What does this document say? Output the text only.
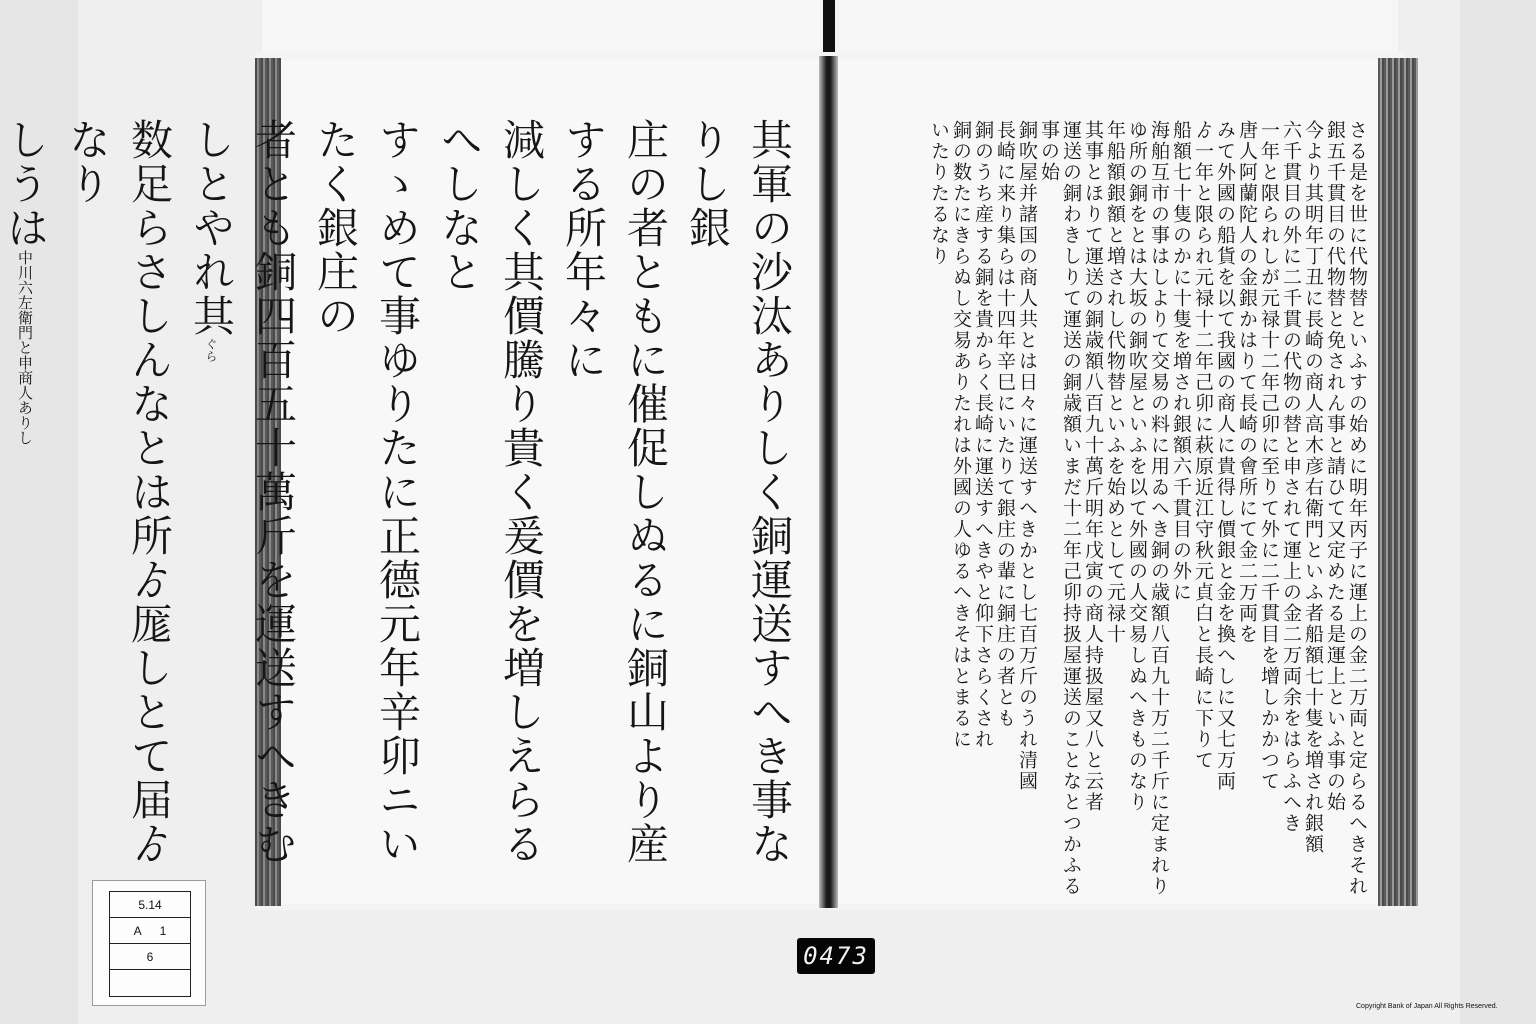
其軍の沙汰ありしく銅運送すへき事なりし銀

庄の者ともに催促しぬるに銅山より産する所年々に

減しく其價騰り貴く爰價を増しえらるへしなと

すゝめて事ゆりたに正德元年辛卯ニいたく銀庄の

者とも銅四百五十萬斤を運送すへきむしとやれ其ぐら

数足らさしんなとは所ゟ厖しとて届ゟなり

しうは中川六左衛門と申商人ありし	さる是を世に代物替といふすの始めに明年丙子に運上の金二万両と定らるへきそれ

銀五千貫目の代物替と免されん事と請ひて又定めたる是運上といふ事の始

今より其明年丁丑に長崎の商人高木彦右衛門といふ者船額七十隻を増され銀額

六千貫目の外に二千貫の代物の替と申されて運上の金二万両余をはらふへき

一年と限られしが元禄十二年己卯に至りて外に二千貫目を增しかかつて

唐人阿蘭陀人の金銀かはりて長崎の會所にて金二万両を

みて外國の船貨を以て我國の商人に貴得し價銀と金を換へしに又七万両

ゟ一年と限られ元禄十二年己卯に萩原近江守秋元貞白と長崎に下りて

船額七十隻のかに十隻を増され銀額六千貫目の外に

海舶互市の事はしよりて交易の料に用ゐへき銅の歳額八百九十万二千斤に定まれり

ゆ所の銅をとは大坂の銅吹屋といふを以て外國の人交易しぬへきものなり

年船額銀額と増されし代物替といふを始めとして元禄十

其事とほりて運送の銅歳額八百九十萬斤明年戊寅の商人持扱屋又八と云者

運送の銅わきしりて運送の銅歳額いまだ十二年己卯持扱屋運送のことなとつかふる事の始

銅吹屋并諸国の商人共とは日々に運送すへきかとし七百万斤のうれ清國

長崎に来り集らは十四年辛巳にいたりて銀庄の輩に銅庄の者とも

銅のうち産する銅を貴からく長崎に運送すへきやと仰下さらくされ

銅の数たにきらぬし交易ありたれは外國の人ゆるへきそはとまるに

いたりたるなり

5.14
A 1
6	0473
Copyright Bank of Japan All Rights Reserved.
